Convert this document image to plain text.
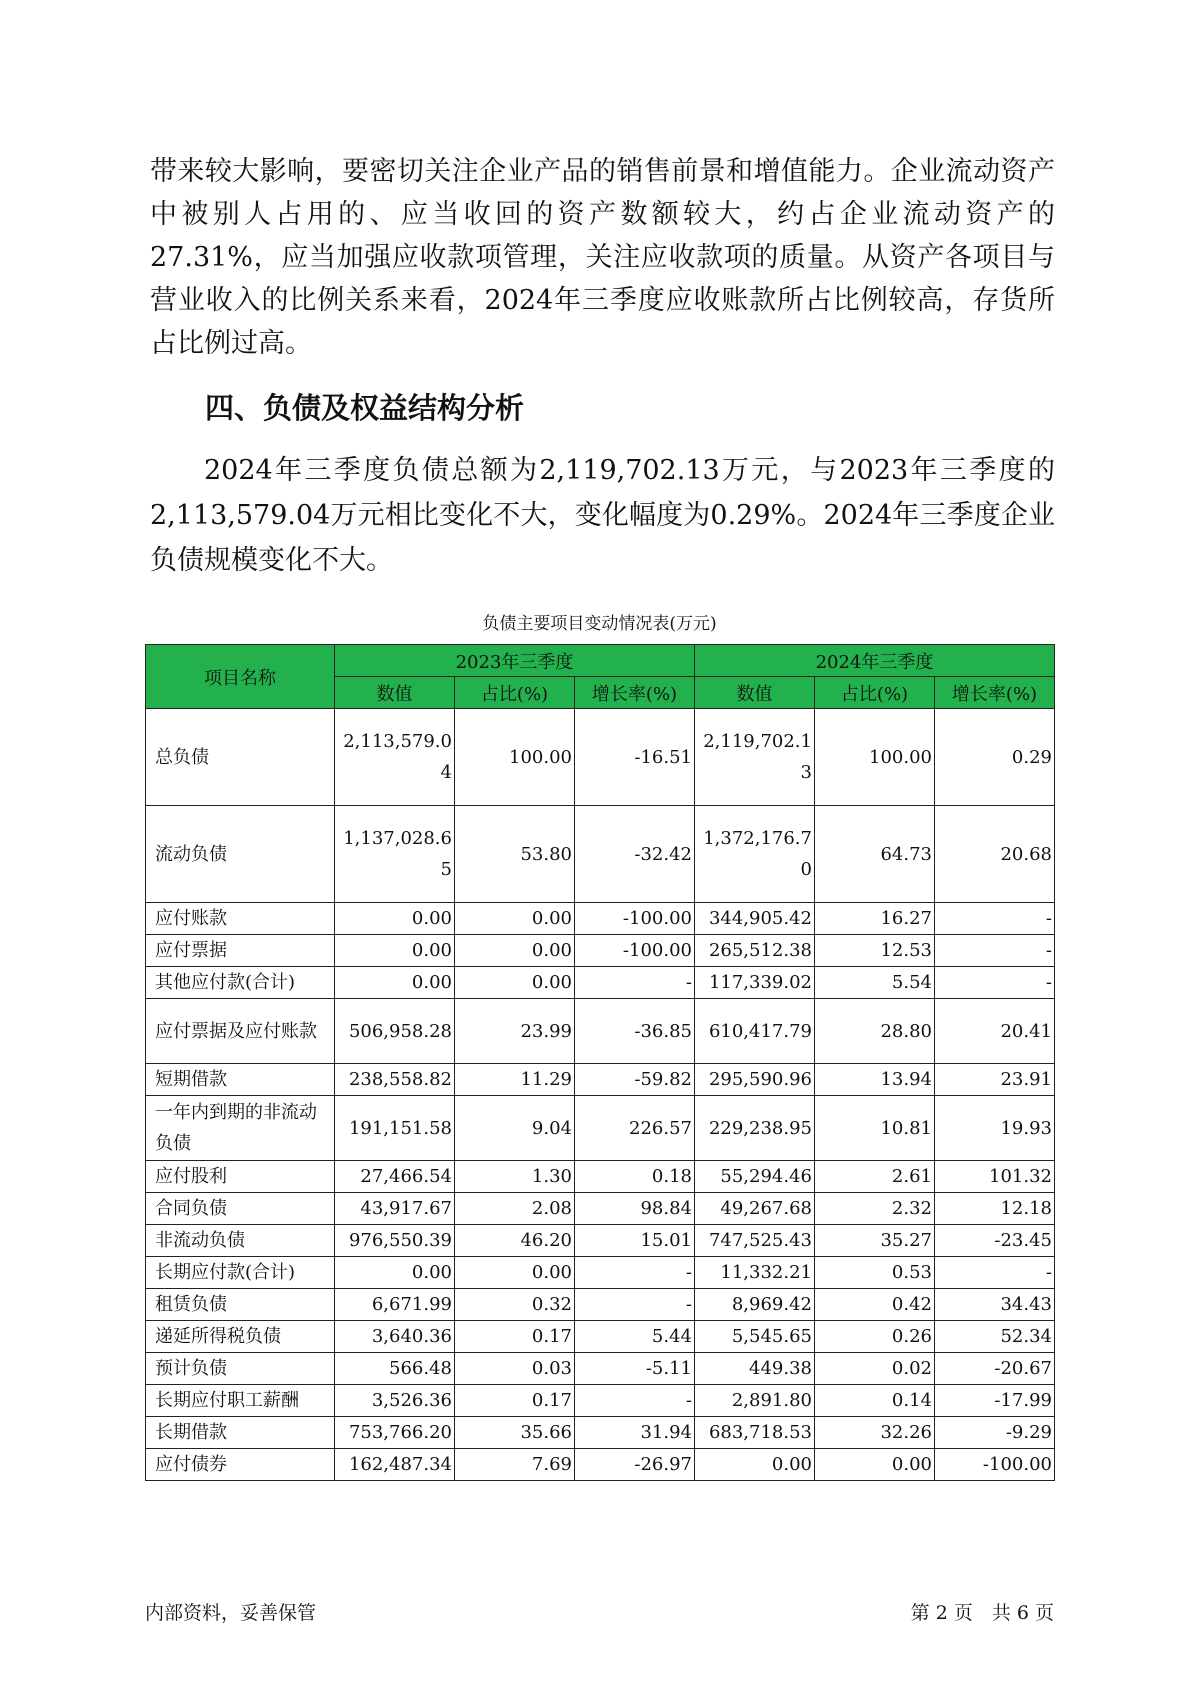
带来较大影响，要密切关注企业产品的销售前景和增值能力。企业流动资产中被别人占用的、应当收回的资产数额较大，约占企业流动资产的27.31%，应当加强应收款项管理，关注应收款项的质量。从资产各项目与营业收入的比例关系来看，2024年三季度应收账款所占比例较高，存货所占比例过高。

四、负债及权益结构分析

2024年三季度负债总额为2,119,702.13万元，与2023年三季度的2,113,579.04万元相比变化不大，变化幅度为0.29%。2024年三季度企业负债规模变化不大。

负债主要项目变动情况表(万元)
项目名称	2023年三季度			2024年三季度		
	数值	占比(%)	增长率(%)	数值	占比(%)	增长率(%)
总负债	2,113,579.04	100.00	-16.51	2,119,702.13	100.00	0.29
流动负债	1,137,028.65	53.80	-32.42	1,372,176.70	64.73	20.68
应付账款	0.00	0.00	-100.00	344,905.42	16.27	-
应付票据	0.00	0.00	-100.00	265,512.38	12.53	-
其他应付款(合计)	0.00	0.00	-	117,339.02	5.54	-
应付票据及应付账款	506,958.28	23.99	-36.85	610,417.79	28.80	20.41
短期借款	238,558.82	11.29	-59.82	295,590.96	13.94	23.91
一年内到期的非流动负债	191,151.58	9.04	226.57	229,238.95	10.81	19.93
应付股利	27,466.54	1.30	0.18	55,294.46	2.61	101.32
合同负债	43,917.67	2.08	98.84	49,267.68	2.32	12.18
非流动负债	976,550.39	46.20	15.01	747,525.43	35.27	-23.45
长期应付款(合计)	0.00	0.00	-	11,332.21	0.53	-
租赁负债	6,671.99	0.32	-	8,969.42	0.42	34.43
递延所得税负债	3,640.36	0.17	5.44	5,545.65	0.26	52.34
预计负债	566.48	0.03	-5.11	449.38	0.02	-20.67
长期应付职工薪酬	3,526.36	0.17	-	2,891.80	0.14	-17.99
长期借款	753,766.20	35.66	31.94	683,718.53	32.26	-9.29
应付债券	162,487.34	7.69	-26.97	0.00	0.00	-100.00
内部资料，妥善保管	第 2 页　共 6 页
